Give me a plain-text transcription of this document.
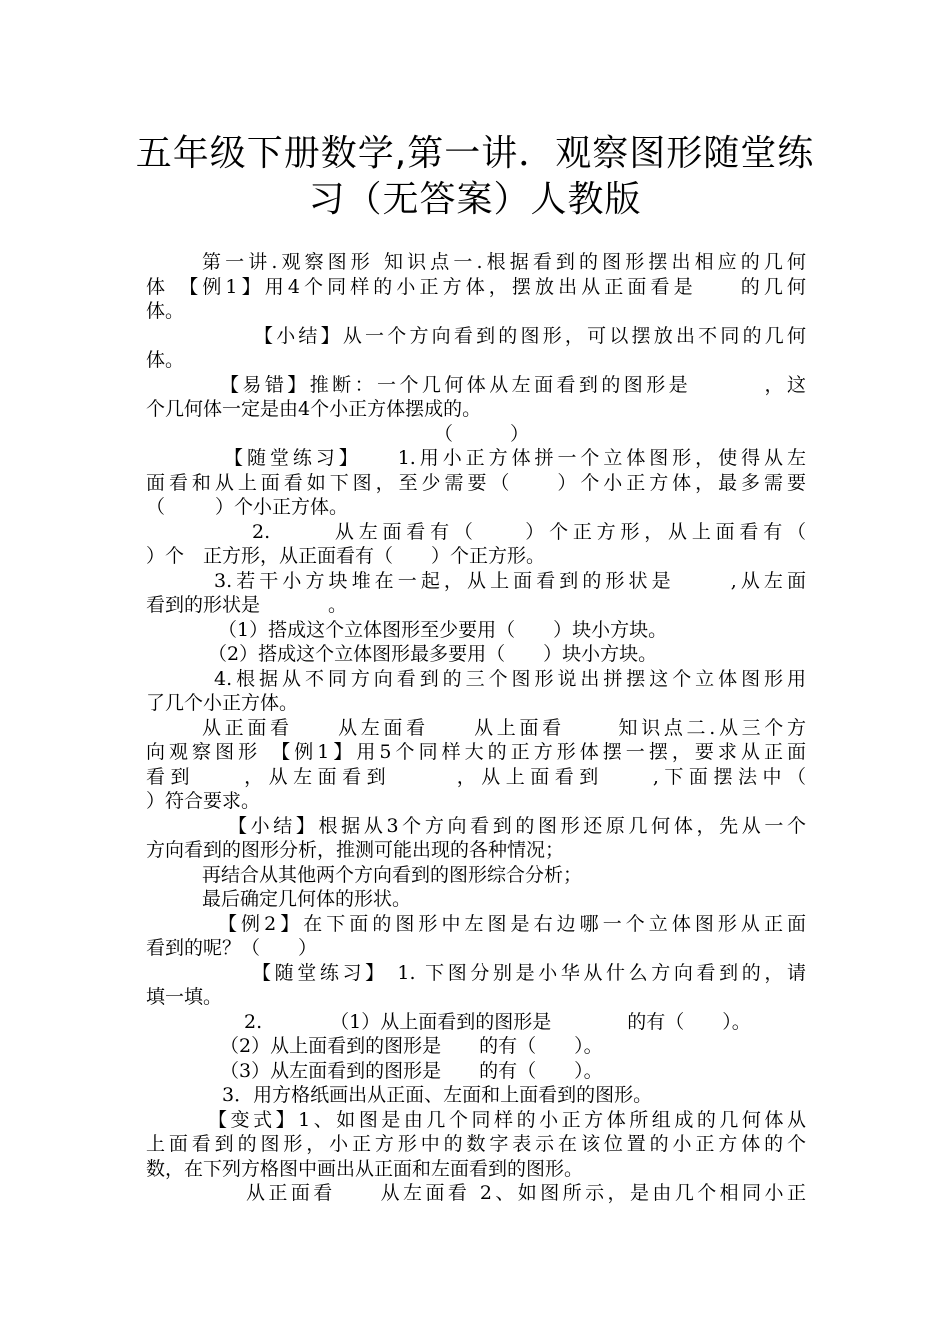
五年级下册数学,第一讲．观察图形随堂练
习（无答案）人教版

第一讲.观察图形 知识点一.根据看到的图形摆出相应的几何

体 【例1】用4个同样的小正方体，摆放出从正面看是 的几何

体。

【小结】从一个方向看到的图形，可以摆放出不同的几何

体。

【易错】推断：一个几何体从左面看到的图形是	，这

个几何体一定是由4个小正方体摆成的。

（　　　）

【随堂练习】 1.用小正方体拼一个立体图形，使得从左

面看和从上面看如下图，至少需要（ ）个小正方体，最多需要

（	）个小正方体。

2.	从左面看有（　　）个正方形，从上面看有（

）个　正方形，从正面看有（ ）个正方形。

3.若干小方块堆在一起，从上面看到的形状是	,从左面

看到的形状是	。

（1）搭成这个立体图形至少要用（ ）块小方块。

（2）搭成这个立体图形最多要用（ ）块小方块。

4.根据从不同方向看到的三个图形说出拼摆这个立体图形用

了几个小正方体。

从正面看　　从左面看　　从上面看	知识点二.从三个方

向观察图形 【例1】用5个同样大的正方形体摆一摆，要求从正面

看到　　，从左面看到	，从上面看到　　,下面摆法中（

）符合要求。

【小结】根据从3个方向看到的图形还原几何体，先从一个

方向看到的图形分析，推测可能出现的各种情况；

再结合从其他两个方向看到的图形综合分析；

最后确定几何体的形状。

【例2】在下面的图形中左图是右边哪一个立体图形从正面

看到的呢？（　　）

【随堂练习】 1. 下图分别是小华从什么方向看到的，请

填一填。

2.	（1）从上面看到的图形是　　　　的有（　　）。

（2）从上面看到的图形是　　的有（　　）。

（3）从左面看到的图形是　　的有（　　）。

3．用方格纸画出从正面、左面和上面看到的图形。

【变式】1、如图是由几个同样的小正方体所组成的几何体从

上面看到的图形，小正方形中的数字表示在该位置的小正方体的个

数，在下列方格图中画出从正面和左面看到的图形。

从正面看　　从左面看 2、如图所示，是由几个相同小正
